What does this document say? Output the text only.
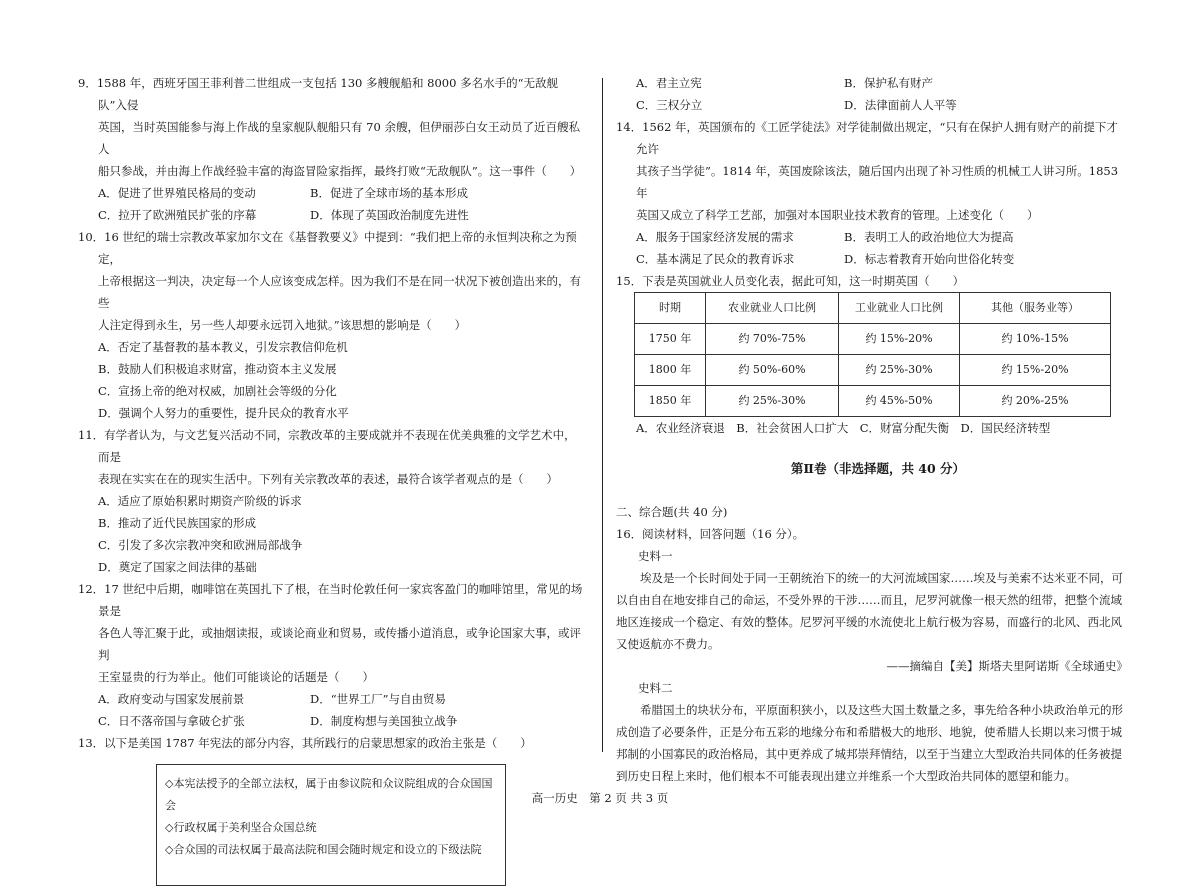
9．1588 年，西班牙国王菲利普二世组成一支包括 130 多艘舰船和 8000 多名水手的“无敌舰队”入侵
英国，当时英国能参与海上作战的皇家舰队舰船只有 70 余艘，但伊丽莎白女王动员了近百艘私人
船只参战，并由海上作战经验丰富的海盗冒险家指挥，最终打败“无敌舰队”。这一事件（　　）

A．促进了世界殖民格局的变动	B．促进了全球市场的基本形成
C．拉开了欧洲殖民扩张的序幕	D．体现了英国政治制度先进性

10．16 世纪的瑞士宗教改革家加尔文在《基督教要义》中提到：“我们把上帝的永恒判决称之为预定，
上帝根据这一判决，决定每一个人应该变成怎样。因为我们不是在同一状况下被创造出来的，有些
人注定得到永生，另一些人却要永远罚入地狱。”该思想的影响是（　　）

A．否定了基督教的基本教义，引发宗教信仰危机

B．鼓励人们积极追求财富，推动资本主义发展

C．宣扬上帝的绝对权威，加剧社会等级的分化

D．强调个人努力的重要性，提升民众的教育水平

11．有学者认为，与文艺复兴活动不同，宗教改革的主要成就并不表现在优美典雅的文学艺术中，而是
表现在实实在在的现实生活中。下列有关宗教改革的表述，最符合该学者观点的是（　　）

A．适应了原始积累时期资产阶级的诉求

B．推动了近代民族国家的形成

C．引发了多次宗教冲突和欧洲局部战争

D．奠定了国家之间法律的基础

12．17 世纪中后期，咖啡馆在英国扎下了根，在当时伦敦任何一家宾客盈门的咖啡馆里，常见的场景是
各色人等汇聚于此，或抽烟读报，或谈论商业和贸易，或传播小道消息，或争论国家大事，或评判
王室显贵的行为举止。他们可能谈论的话题是（　　）

A．政府变动与国家发展前景	D．“世界工厂”与自由贸易
C．日不落帝国与拿破仑扩张	D．制度构想与美国独立战争

13．以下是美国 1787 年宪法的部分内容，其所践行的启蒙思想家的政治主张是（　　）

◇本宪法授予的全部立法权，属于由参议院和众议院组成的合众国国会

◇行政权属于美利坚合众国总统

◇合众国的司法权属于最高法院和国会随时规定和设立的下级法院

A．君主立宪	B．保护私有财产
C．三权分立	D．法律面前人人平等

14．1562 年，英国颁布的《工匠学徒法》对学徒制做出规定，“只有在保护人拥有财产的前提下才允许
其孩子当学徒”。1814 年，英国废除该法，随后国内出现了补习性质的机械工人讲习所。1853 年
英国又成立了科学工艺部，加强对本国职业技术教育的管理。上述变化（　　）

A．服务于国家经济发展的需求	B．表明工人的政治地位大为提高
C．基本满足了民众的教育诉求	D．标志着教育开始向世俗化转变

15．下表是英国就业人员变化表，据此可知，这一时期英国（　　）

时期	农业就业人口比例	工业就业人口比例	其他（服务业等）
1750 年	约 70%-75%	约 15%-20%	约 10%-15%
1800 年	约 50%-60%	约 25%-30%	约 15%-20%
1850 年	约 25%-30%	约 45%-50%	约 20%-25%

A．农业经济衰退　B．社会贫困人口扩大　C．财富分配失衡　D．国民经济转型

第Ⅱ卷（非选择题，共 40 分）

二、综合题(共 40 分)

16．阅读材料，回答问题（16 分）。

史料一

埃及是一个长时间处于同一王朝统治下的统一的大河流域国家……埃及与美索不达米亚不同，可以自由自在地安排自己的命运，不受外界的干涉……而且，尼罗河就像一根天然的纽带，把整个流域地区连接成一个稳定、有效的整体。尼罗河平缓的水流使北上航行极为容易，而盛行的北风、西北风又使返航亦不费力。

——摘编自【美】斯塔夫里阿诺斯《全球通史》

史料二

希腊国土的块状分布，平原面积狭小，以及这些大国土数量之多，事先给各种小块政治单元的形成创造了必要条件，正是分布五彩的地缘分布和希腊极大的地形、地貌，使希腊人长期以来习惯于城邦制的小国寡民的政治格局，其中更养成了城邦崇拜情结，以至于当建立大型政治共同体的任务被提到历史日程上来时，他们根本不可能表现出建立并维系一个大型政治共同体的愿望和能力。

高一历史　第 2 页 共 3 页
